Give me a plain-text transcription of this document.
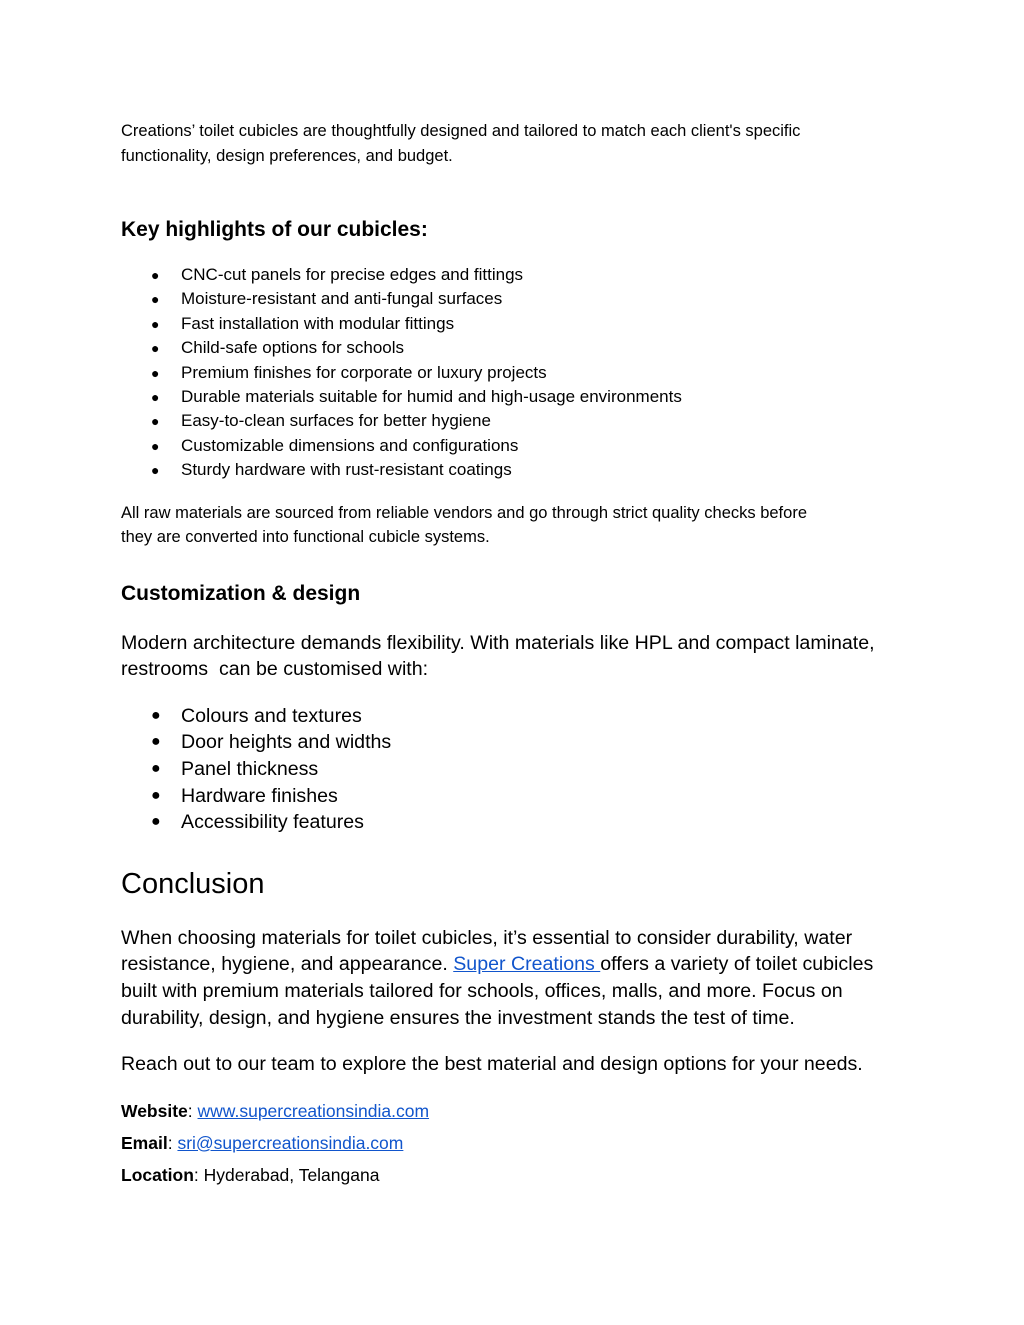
Creations’ toilet cubicles are thoughtfully designed and tailored to match each client's specific
functionality, design preferences, and budget.

Key highlights of our cubicles:
● CNC-cut panels for precise edges and fittings
● Moisture-resistant and anti-fungal surfaces
● Fast installation with modular fittings
● Child-safe options for schools
● Premium finishes for corporate or luxury projects
● Durable materials suitable for humid and high-usage environments
● Easy-to-clean surfaces for better hygiene
● Customizable dimensions and configurations
● Sturdy hardware with rust-resistant coatings

All raw materials are sourced from reliable vendors and go through strict quality checks before
they are converted into functional cubicle systems.

Customization & design

Modern architecture demands flexibility. With materials like HPL and compact laminate,
restrooms  can be customised with:

● Colours and textures
● Door heights and widths
● Panel thickness
● Hardware finishes
● Accessibility features
Conclusion

When choosing materials for toilet cubicles, it’s essential to consider durability, water
resistance, hygiene, and appearance. Super Creations offers a variety of toilet cubicles
built with premium materials tailored for schools, offices, malls, and more. Focus on
durability, design, and hygiene ensures the investment stands the test of time.

Reach out to our team to explore the best material and design options for your needs.

Website: www.supercreationsindia.com

Email: sri@supercreationsindia.com

Location: Hyderabad, Telangana
